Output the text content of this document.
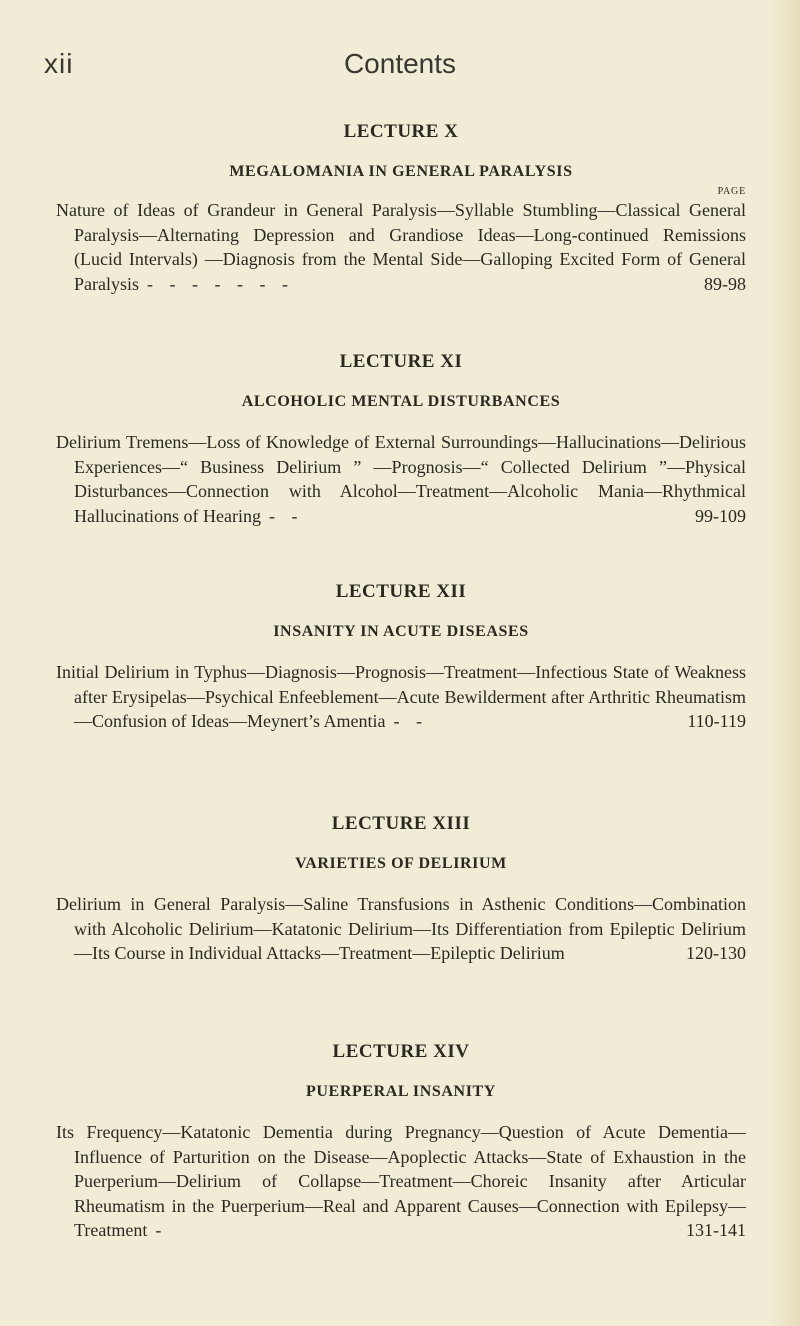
xii	Contents
LECTURE X
MEGALOMANIA IN GENERAL PARALYSIS
PAGE

Nature of Ideas of Grandeur in General Paralysis—Syllable Stumbling—Classical General Paralysis—Alternating Depression and Grandiose Ideas—Long-continued Remissions (Lucid Intervals) —Diagnosis from the Mental Side—Galloping Excited Form of General Paralysis - - - - - - -	89-98

LECTURE XI
ALCOHOLIC MENTAL DISTURBANCES

Delirium Tremens—Loss of Knowledge of External Surroundings—Hallucinations—Delirious Experiences—“ Business Delirium ” —Prognosis—“ Collected Delirium ”—Physical Disturbances—Connection with Alcohol—Treatment—Alcoholic Mania—Rhythmical Hallucinations of Hearing - -	99-109

LECTURE XII
INSANITY IN ACUTE DISEASES

Initial Delirium in Typhus—Diagnosis—Prognosis—Treatment—Infectious State of Weakness after Erysipelas—Psychical Enfeeblement—Acute Bewilderment after Arthritic Rheumatism —Confusion of Ideas—Meynert’s Amentia - -	110-119

LECTURE XIII
VARIETIES OF DELIRIUM

Delirium in General Paralysis—Saline Transfusions in Asthenic Conditions—Combination with Alcoholic Delirium—Katatonic Delirium—Its Differentiation from Epileptic Delirium—Its Course in Individual Attacks—Treatment—Epileptic Delirium	120-130

LECTURE XIV
PUERPERAL INSANITY

Its Frequency—Katatonic Dementia during Pregnancy—Question of Acute Dementia—Influence of Parturition on the Disease—Apoplectic Attacks—State of Exhaustion in the Puerperium—Delirium of Collapse—Treatment—Choreic Insanity after Articular Rheumatism in the Puerperium—Real and Apparent Causes—Connection with Epilepsy—Treatment -	131-141
